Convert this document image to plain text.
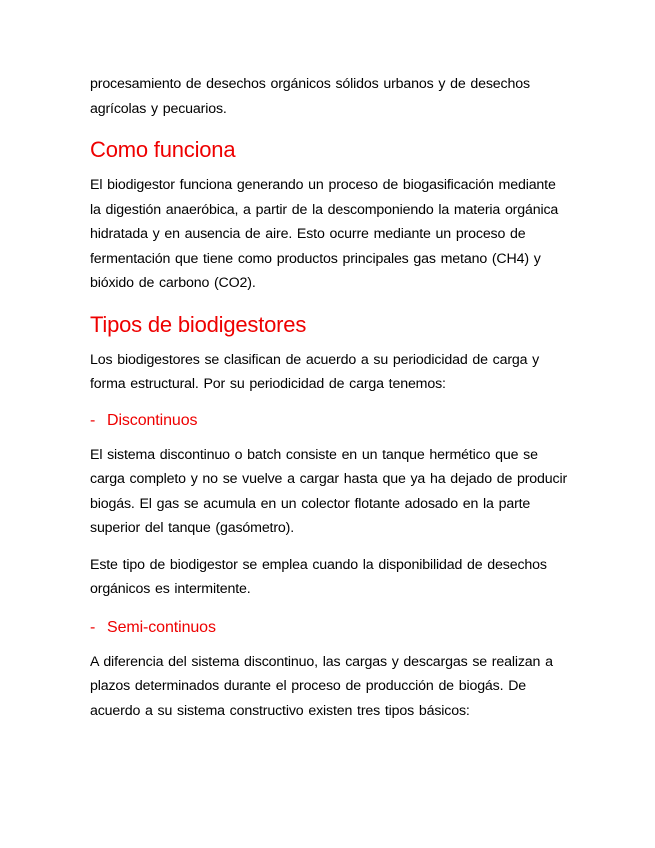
procesamiento de desechos orgánicos sólidos urbanos y de desechos agrícolas y pecuarios.

Como funciona

El biodigestor funciona generando un proceso de biogasificación mediante la digestión anaeróbica, a partir de la descomponiendo la materia orgánica hidratada y en ausencia de aire. Esto ocurre mediante un proceso de fermentación que tiene como productos principales gas metano (CH4) y bióxido de carbono (CO2).

Tipos de biodigestores

Los biodigestores se clasifican de acuerdo a su periodicidad de carga y forma estructural. Por su periodicidad de carga tenemos:

- Discontinuos

El sistema discontinuo o batch consiste en un tanque hermético que se carga completo y no se vuelve a cargar hasta que ya ha dejado de producir biogás. El gas se acumula en un colector flotante adosado en la parte superior del tanque (gasómetro).

Este tipo de biodigestor se emplea cuando la disponibilidad de desechos orgánicos es intermitente.

- Semi-continuos

A diferencia del sistema discontinuo, las cargas y descargas se realizan a plazos determinados durante el proceso de producción de biogás. De acuerdo a su sistema constructivo existen tres tipos básicos:
